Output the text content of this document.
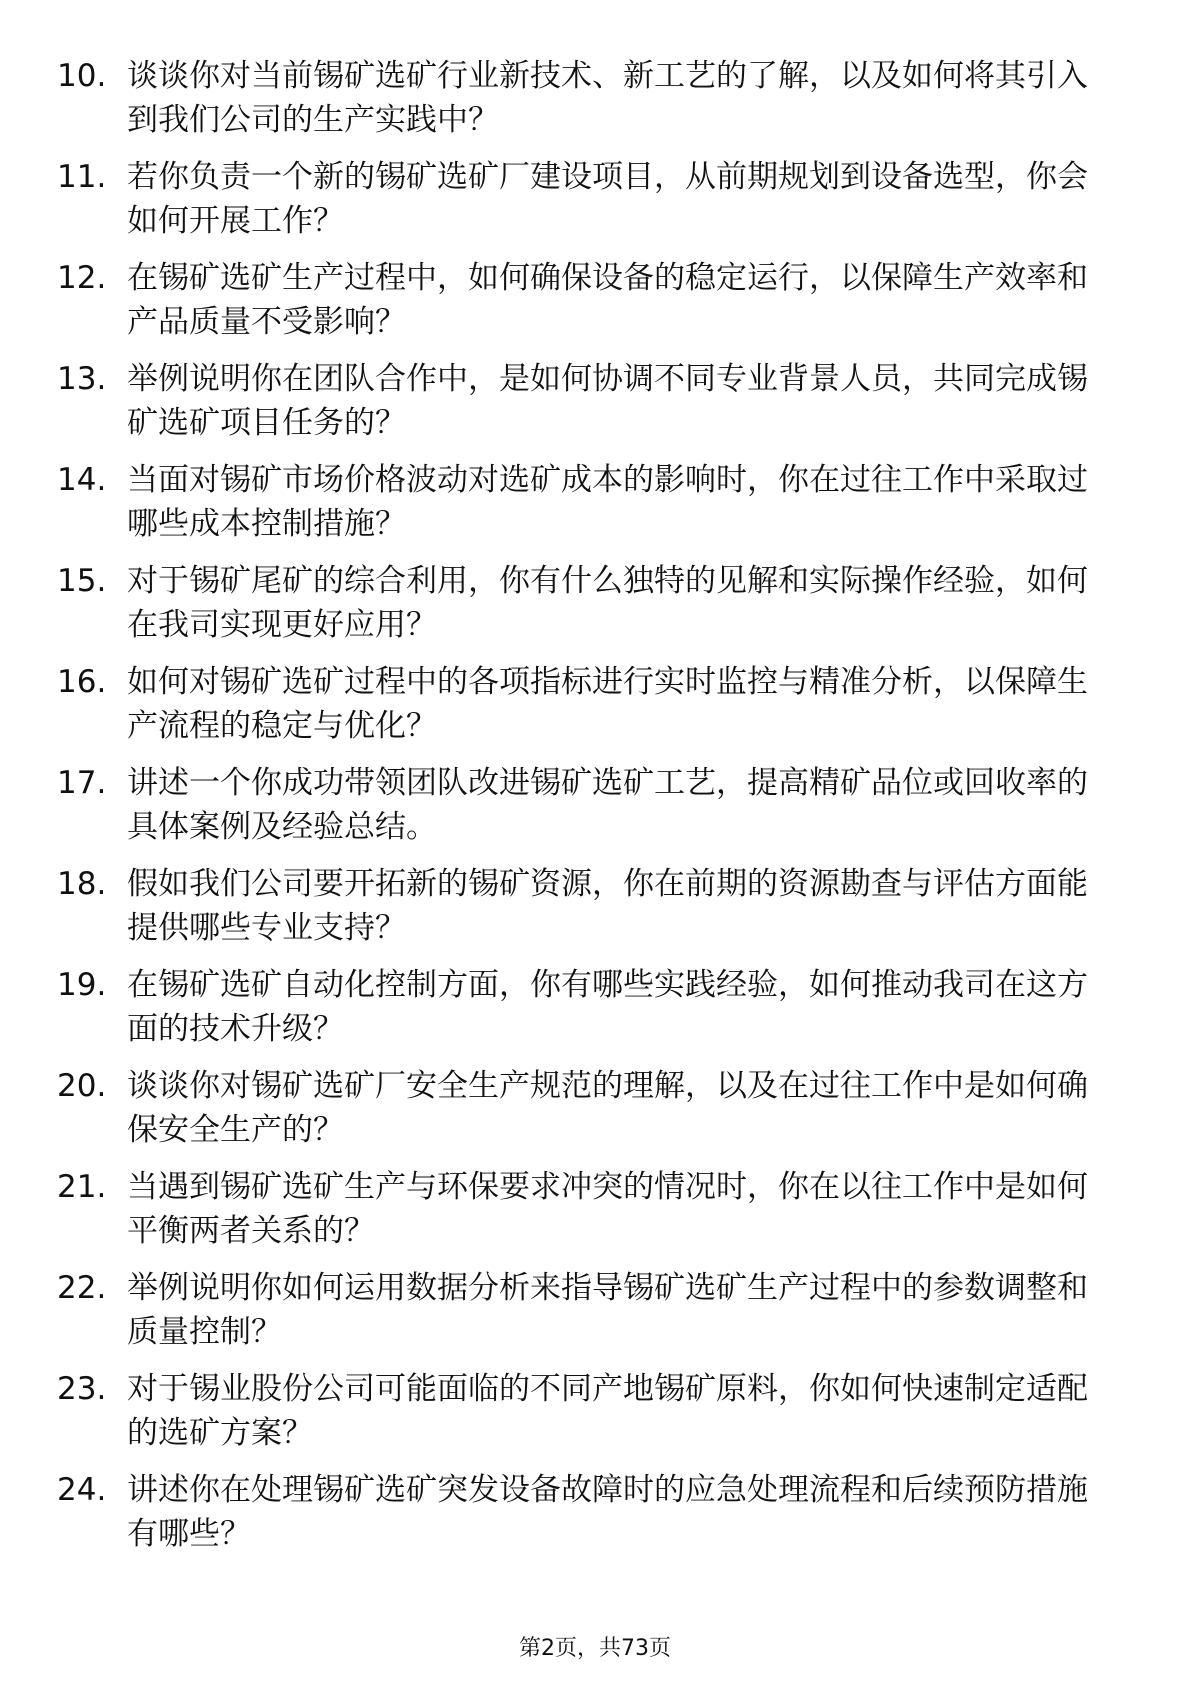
10. 谈谈你对当前锡矿选矿行业新技术、新工艺的了解，以及如何将其引入到我们公司的生产实践中？
11. 若你负责一个新的锡矿选矿厂建设项目，从前期规划到设备选型，你会如何开展工作？
12. 在锡矿选矿生产过程中，如何确保设备的稳定运行，以保障生产效率和产品质量不受影响？
13. 举例说明你在团队合作中，是如何协调不同专业背景人员，共同完成锡矿选矿项目任务的？
14. 当面对锡矿市场价格波动对选矿成本的影响时，你在过往工作中采取过哪些成本控制措施？
15. 对于锡矿尾矿的综合利用，你有什么独特的见解和实际操作经验，如何在我司实现更好应用？
16. 如何对锡矿选矿过程中的各项指标进行实时监控与精准分析，以保障生产流程的稳定与优化？
17. 讲述一个你成功带领团队改进锡矿选矿工艺，提高精矿品位或回收率的具体案例及经验总结。
18. 假如我们公司要开拓新的锡矿资源，你在前期的资源勘查与评估方面能提供哪些专业支持？
19. 在锡矿选矿自动化控制方面，你有哪些实践经验，如何推动我司在这方面的技术升级？
20. 谈谈你对锡矿选矿厂安全生产规范的理解，以及在过往工作中是如何确保安全生产的？
21. 当遇到锡矿选矿生产与环保要求冲突的情况时，你在以往工作中是如何平衡两者关系的？
22. 举例说明你如何运用数据分析来指导锡矿选矿生产过程中的参数调整和质量控制？
23. 对于锡业股份公司可能面临的不同产地锡矿原料，你如何快速制定适配的选矿方案？
24. 讲述你在处理锡矿选矿突发设备故障时的应急处理流程和后续预防措施有哪些？
第2页，共73页
